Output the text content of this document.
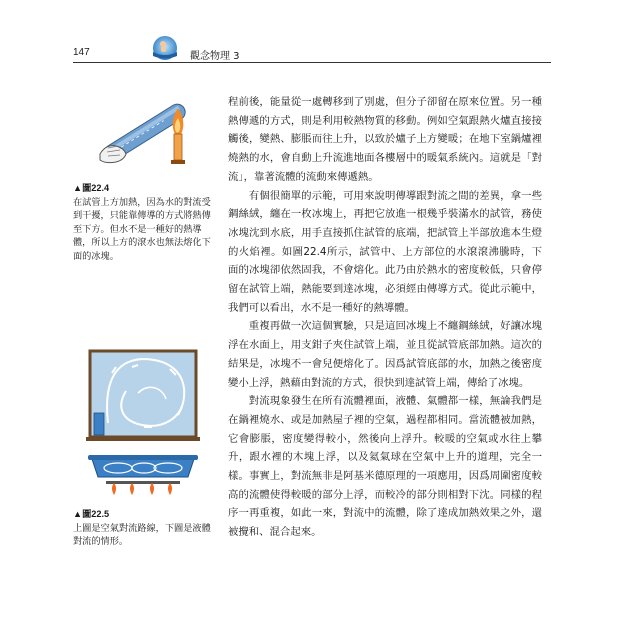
147	觀念物理 3
▲圖22.4
在試管上方加熱，因為水的對流受到干擾，只能靠傳導的方式將熱傳至下方。但水不是一種好的熱導體，所以上方的滾水也無法熔化下面的冰塊。
▲圖22.5
上圖是空氣對流路線，下圖是液體對流的情形。

程前後，能量從一處轉移到了別處，但分子卻留在原來位置。另一種熱傳遞的方式，則是利用較熱物質的移動。例如空氣跟熱火爐直接接觸後，變熱、膨脹而往上升，以致於爐子上方變暖；在地下室鍋爐裡燒熱的水，會自動上升流進地面各樓層中的暖氣系統內。這就是「對流」，靠著流體的流動來傳遞熱。

有個很簡單的示範，可用來說明傳導跟對流之間的差異，拿一些鋼絲絨，纏在一枚冰塊上，再把它放進一根幾乎裝滿水的試管，務使冰塊沈到水底，用手直接抓住試管的底端，把試管上半部放進本生燈的火焰裡。如圖22.4所示，試管中、上方部位的水滾滾沸騰時，下面的冰塊卻依然固我，不會熔化。此乃由於熱水的密度較低，只會停留在試管上端，熱能要到達冰塊，必須經由傳導方式。從此示範中，我們可以看出，水不是一種好的熱導體。

重複再做一次這個實驗，只是這回冰塊上不纏鋼絲絨，好讓冰塊浮在水面上，用支鉗子夾住試管上端，並且從試管底部加熱。這次的結果是，冰塊不一會兒便熔化了。因爲試管底部的水，加熱之後密度變小上浮，熱藉由對流的方式，很快到達試管上端，傳給了冰塊。

對流現象發生在所有流體裡面，液體、氣體都一樣，無論我們是在鍋裡燒水、或是加熱屋子裡的空氣，過程都相同。當流體被加熱，它會膨脹，密度變得較小，然後向上浮升。較暖的空氣或水往上攀升，跟水裡的木塊上浮，以及氦氣球在空氣中上升的道理，完全一樣。事實上，對流無非是阿基米德原理的一項應用，因爲周圍密度較高的流體使得較暖的部分上浮，而較冷的部分則相對下沈。同樣的程序一再重複，如此一來，對流中的流體，除了達成加熱效果之外，還被攪和、混合起來。
